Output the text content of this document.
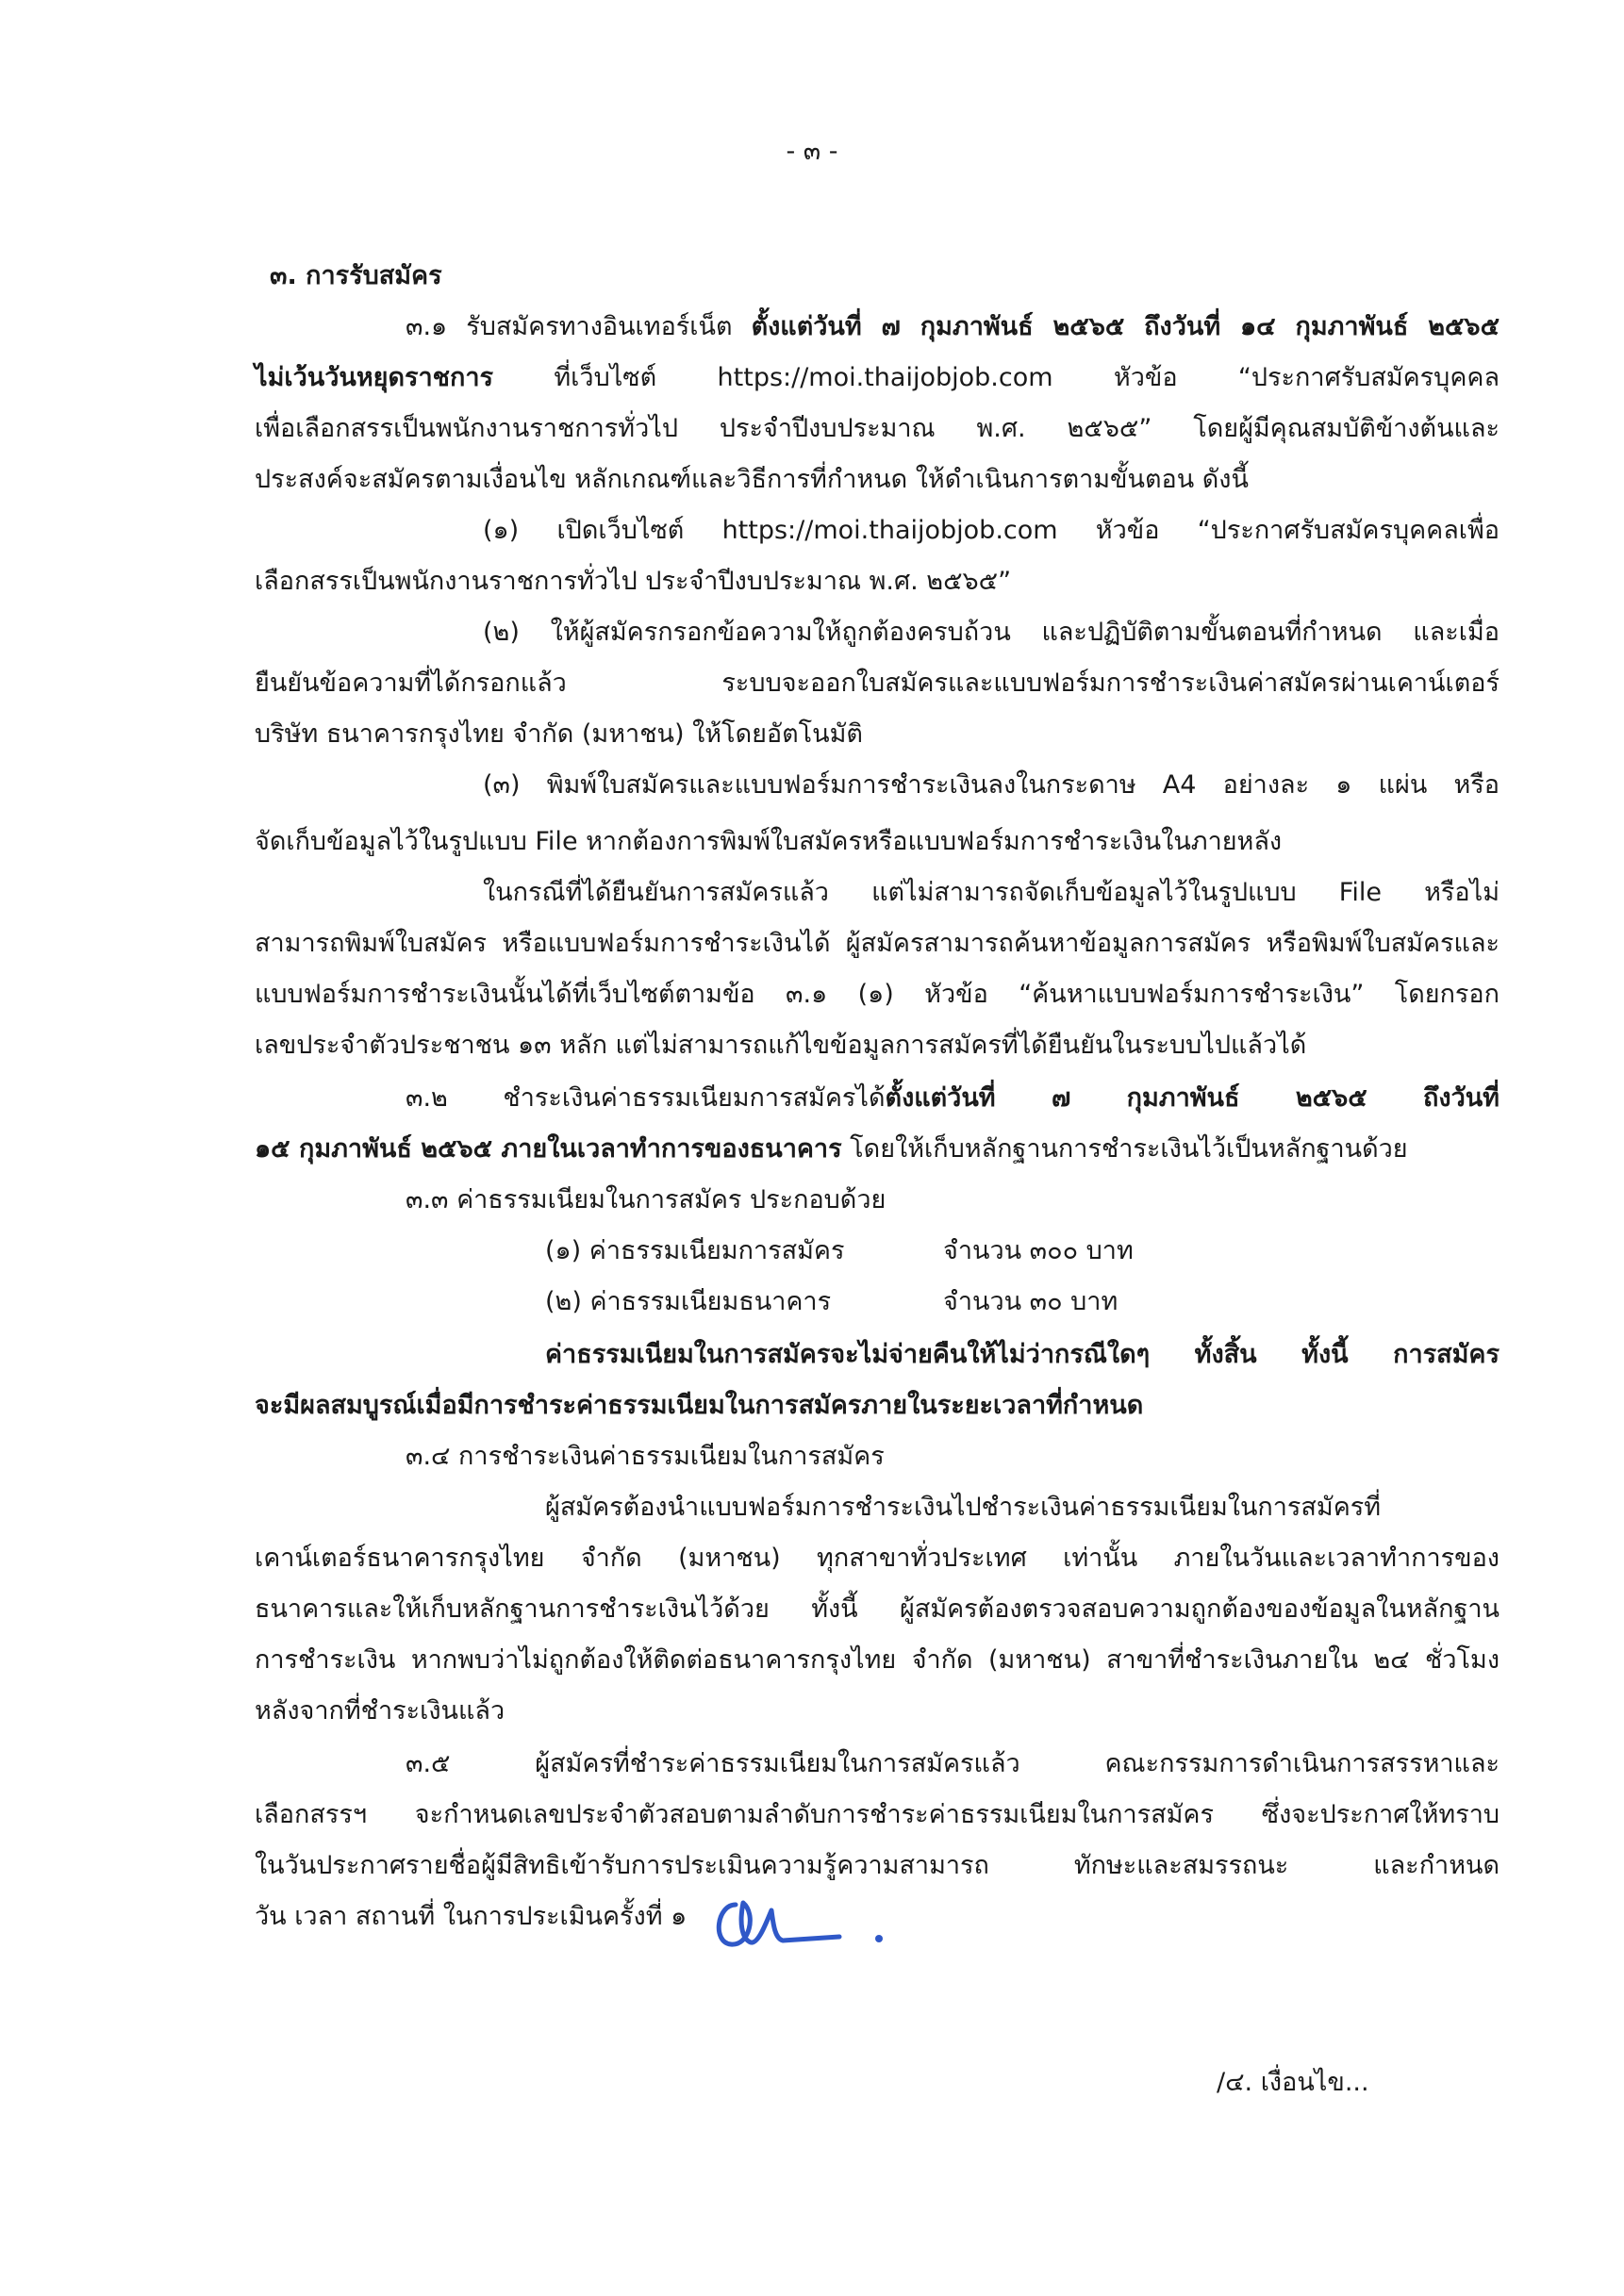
- ๓ -
๓. การรับสมัคร
๓.๑ รับสมัครทางอินเทอร์เน็ต ตั้งแต่วันที่ ๗ กุมภาพันธ์ ๒๕๖๕ ถึงวันที่ ๑๔ กุมภาพันธ์ ๒๕๖๕
ไม่เว้นวันหยุดราชการ ที่เว็บไซต์ https://moi.thaijobjob.com หัวข้อ “ประกาศรับสมัครบุคคล
เพื่อเลือกสรรเป็นพนักงานราชการทั่วไป ประจำปีงบประมาณ พ.ศ. ๒๕๖๕” โดยผู้มีคุณสมบัติข้างต้นและ
ประสงค์จะสมัครตามเงื่อนไข หลักเกณฑ์และวิธีการที่กำหนด ให้ดำเนินการตามขั้นตอน ดังนี้
(๑) เปิดเว็บไซต์ https://moi.thaijobjob.com หัวข้อ “ประกาศรับสมัครบุคคลเพื่อ
เลือกสรรเป็นพนักงานราชการทั่วไป ประจำปีงบประมาณ พ.ศ. ๒๕๖๕”
(๒) ให้ผู้สมัครกรอกข้อความให้ถูกต้องครบถ้วน และปฏิบัติตามขั้นตอนที่กำหนด และเมื่อ
ยืนยันข้อความที่ได้กรอกแล้ว ระบบจะออกใบสมัครและแบบฟอร์มการชำระเงินค่าสมัครผ่านเคาน์เตอร์
บริษัท ธนาคารกรุงไทย จำกัด (มหาชน) ให้โดยอัตโนมัติ
(๓) พิมพ์ใบสมัครและแบบฟอร์มการชำระเงินลงในกระดาษ A4 อย่างละ ๑ แผ่น หรือ
จัดเก็บข้อมูลไว้ในรูปแบบ File หากต้องการพิมพ์ใบสมัครหรือแบบฟอร์มการชำระเงินในภายหลัง
ในกรณีที่ได้ยืนยันการสมัครแล้ว แต่ไม่สามารถจัดเก็บข้อมูลไว้ในรูปแบบ File หรือไม่
สามารถพิมพ์ใบสมัคร หรือแบบฟอร์มการชำระเงินได้ ผู้สมัครสามารถค้นหาข้อมูลการสมัคร หรือพิมพ์ใบสมัครและ
แบบฟอร์มการชำระเงินนั้นได้ที่เว็บไซต์ตามข้อ ๓.๑ (๑) หัวข้อ “ค้นหาแบบฟอร์มการชำระเงิน” โดยกรอก
เลขประจำตัวประชาชน ๑๓ หลัก แต่ไม่สามารถแก้ไขข้อมูลการสมัครที่ได้ยืนยันในระบบไปแล้วได้
๓.๒ ชำระเงินค่าธรรมเนียมการสมัครได้ตั้งแต่วันที่ ๗ กุมภาพันธ์ ๒๕๖๕ ถึงวันที่
๑๕ กุมภาพันธ์ ๒๕๖๕ ภายในเวลาทำการของธนาคาร โดยให้เก็บหลักฐานการชำระเงินไว้เป็นหลักฐานด้วย
๓.๓ ค่าธรรมเนียมในการสมัคร ประกอบด้วย
(๑) ค่าธรรมเนียมการสมัคร	จำนวน ๓๐๐ บาท
(๒) ค่าธรรมเนียมธนาคาร	จำนวน ๓๐ บาท
ค่าธรรมเนียมในการสมัครจะไม่จ่ายคืนให้ไม่ว่ากรณีใดๆ ทั้งสิ้น ทั้งนี้ การสมัคร
จะมีผลสมบูรณ์เมื่อมีการชำระค่าธรรมเนียมในการสมัครภายในระยะเวลาที่กำหนด
๓.๔ การชำระเงินค่าธรรมเนียมในการสมัคร
ผู้สมัครต้องนำแบบฟอร์มการชำระเงินไปชำระเงินค่าธรรมเนียมในการสมัครที่
เคาน์เตอร์ธนาคารกรุงไทย จำกัด (มหาชน) ทุกสาขาทั่วประเทศ เท่านั้น ภายในวันและเวลาทำการของ
ธนาคารและให้เก็บหลักฐานการชำระเงินไว้ด้วย ทั้งนี้ ผู้สมัครต้องตรวจสอบความถูกต้องของข้อมูลในหลักฐาน
การชำระเงิน หากพบว่าไม่ถูกต้องให้ติดต่อธนาคารกรุงไทย จำกัด (มหาชน) สาขาที่ชำระเงินภายใน ๒๔ ชั่วโมง
หลังจากที่ชำระเงินแล้ว
๓.๕ ผู้สมัครที่ชำระค่าธรรมเนียมในการสมัครแล้ว คณะกรรมการดำเนินการสรรหาและ
เลือกสรรฯ จะกำหนดเลขประจำตัวสอบตามลำดับการชำระค่าธรรมเนียมในการสมัคร ซึ่งจะประกาศให้ทราบ
ในวันประกาศรายชื่อผู้มีสิทธิเข้ารับการประเมินความรู้ความสามารถ ทักษะและสมรรถนะ และกำหนด
วัน เวลา สถานที่ ในการประเมินครั้งที่ ๑
/๔. เงื่อนไข...
